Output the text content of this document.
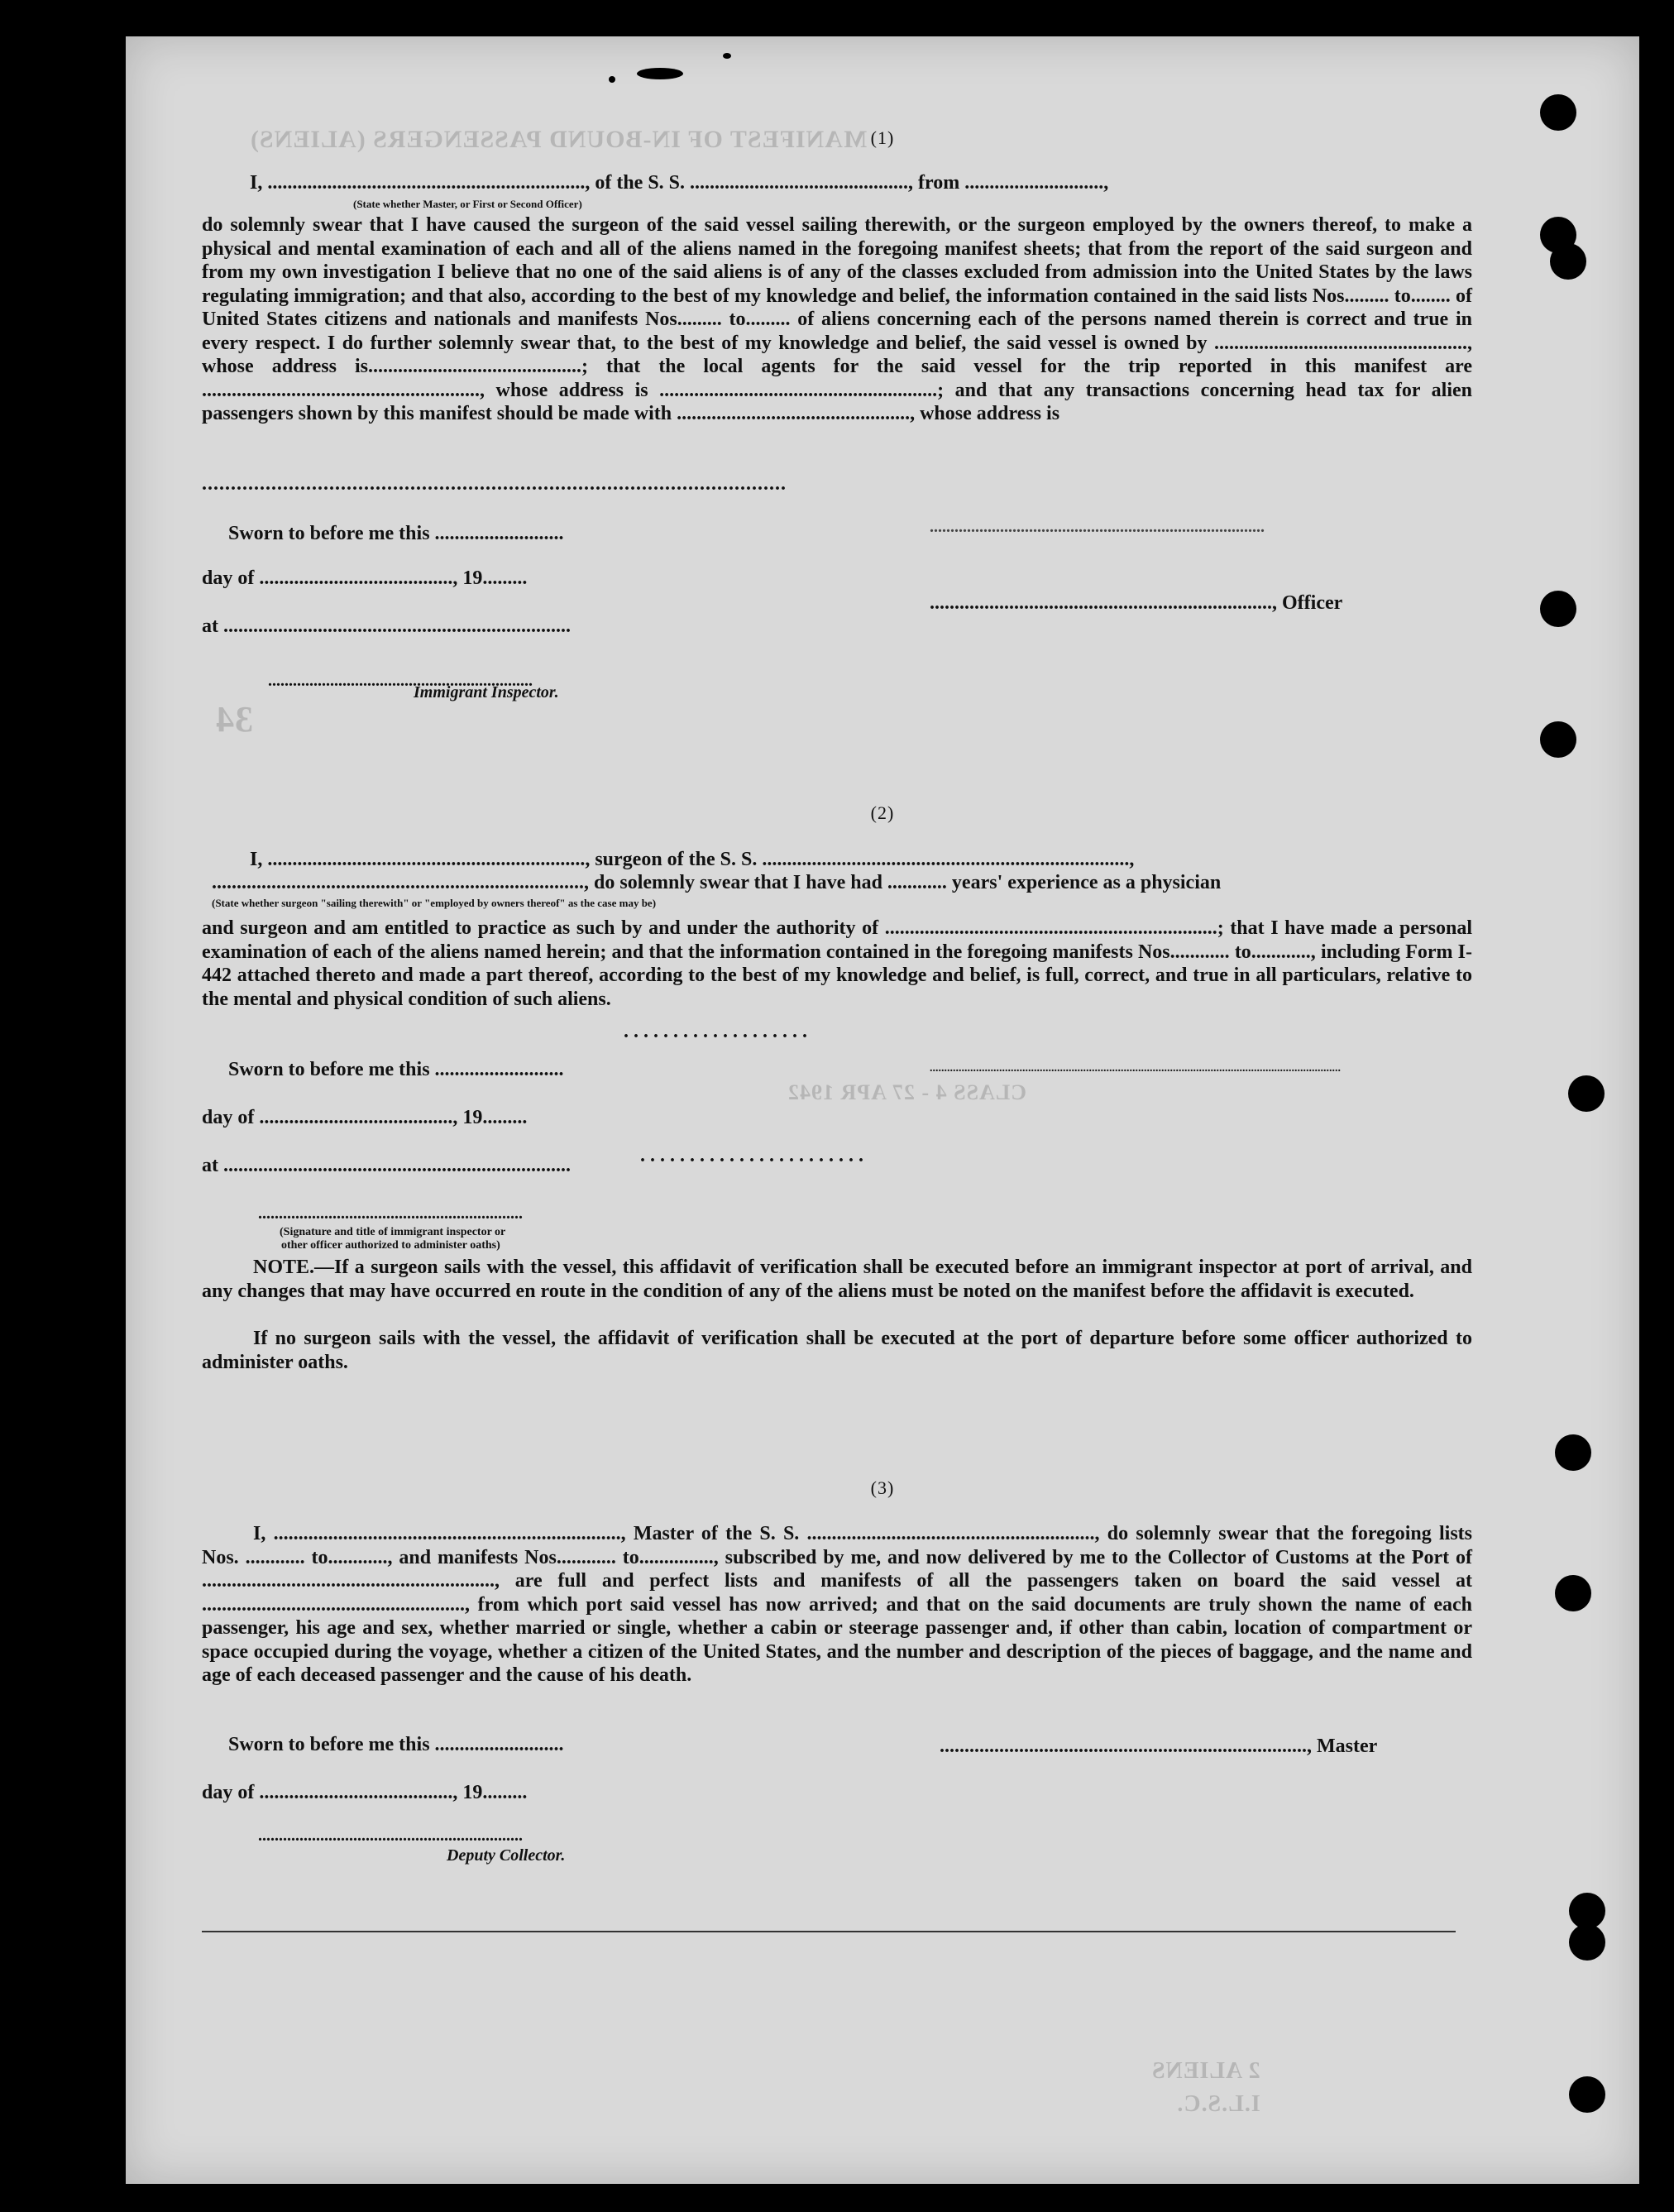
MANIFEST OF IN-BOUND PASSENGERS (ALIENS)
34
2 ALIENS
I.L.S.C.
CLASS 4 - 27 APR 1942
(1)
I, ................................................................, of the S. S. ............................................, from ............................,
(State whether Master, or First or Second Officer)
do solemnly swear that I have caused the surgeon of the said vessel sailing therewith, or the surgeon employed by the owners thereof, to make a physical and mental examination of each and all of the aliens named in the foregoing manifest sheets; that from the report of the said surgeon and from my own investigation I believe that no one of the said aliens is of any of the classes excluded from admission into the United States by the laws regulating immigration; and that also, according to the best of my knowledge and belief, the information contained in the said lists Nos......... to........ of United States citizens and nationals and manifests Nos......... to......... of aliens concerning each of the persons named therein is correct and true in every respect. I do further solemnly swear that, to the best of my knowledge and belief, the said vessel is owned by ..................................................., whose address is...........................................; that the local agents for the said vessel for the trip reported in this manifest are ........................................................, whose address is ........................................................; and that any transactions concerning head tax for alien passengers shown by this manifest should be made with ..............................................., whose address is
.....................................................................................................
Sworn to before me this ..........................
day of ......................................., 19.........
at ......................................................................
....................................................................., Officer
................................................................
Immigrant Inspector.
.................................................................................
(2)
I, ................................................................, surgeon of the S. S. ..........................................................................,
..........................................................................., do solemnly swear that I have had ............ years' experience as a physician
(State whether surgeon "sailing therewith" or "employed by owners thereof" as the case may be)
and surgeon and am entitled to practice as such by and under the authority of ...................................................................; that I have made a personal examination of each of the aliens named herein; and that the information contained in the foregoing manifests Nos............ to............, including Form I-442 attached thereto and made a part thereof, according to the best of my knowledge and belief, is full, correct, and true in all particulars, relative to the mental and physical condition of such aliens.
. . . . . . . . . . . . . . . . . . .
Sworn to before me this ..........................	..............................................................................................................................................
day of ......................................., 19.........
at ......................................................................	. . . . . . . . . . . . . . . . . . . . . . .
................................................................
(Signature and title of immigrant inspector or
other officer authorized to administer oaths)
NOTE.—If a surgeon sails with the vessel, this affidavit of verification shall be executed before an immigrant inspector at port of arrival, and any changes that may have occurred en route in the condition of any of the aliens must be noted on the manifest before the affidavit is executed.
If no surgeon sails with the vessel, the affidavit of verification shall be executed at the port of departure before some officer authorized to administer oaths.
(3)
I, ......................................................................, Master of the S. S. .........................................................., do solemnly swear that the foregoing lists Nos. ............ to............, and manifests Nos............ to..............., subscribed by me, and now delivered by me to the Collector of Customs at the Port of ..........................................................., are full and perfect lists and manifests of all the passengers taken on board the said vessel at ....................................................., from which port said vessel has now arrived; and that on the said documents are truly shown the name of each passenger, his age and sex, whether married or single, whether a cabin or steerage passenger and, if other than cabin, location of compartment or space occupied during the voyage, whether a citizen of the United States, and the number and description of the pieces of baggage, and the name and age of each deceased passenger and the cause of his death.
Sworn to before me this ..........................	.........................................................................., Master
day of ......................................., 19.........
................................................................
Deputy Collector.
